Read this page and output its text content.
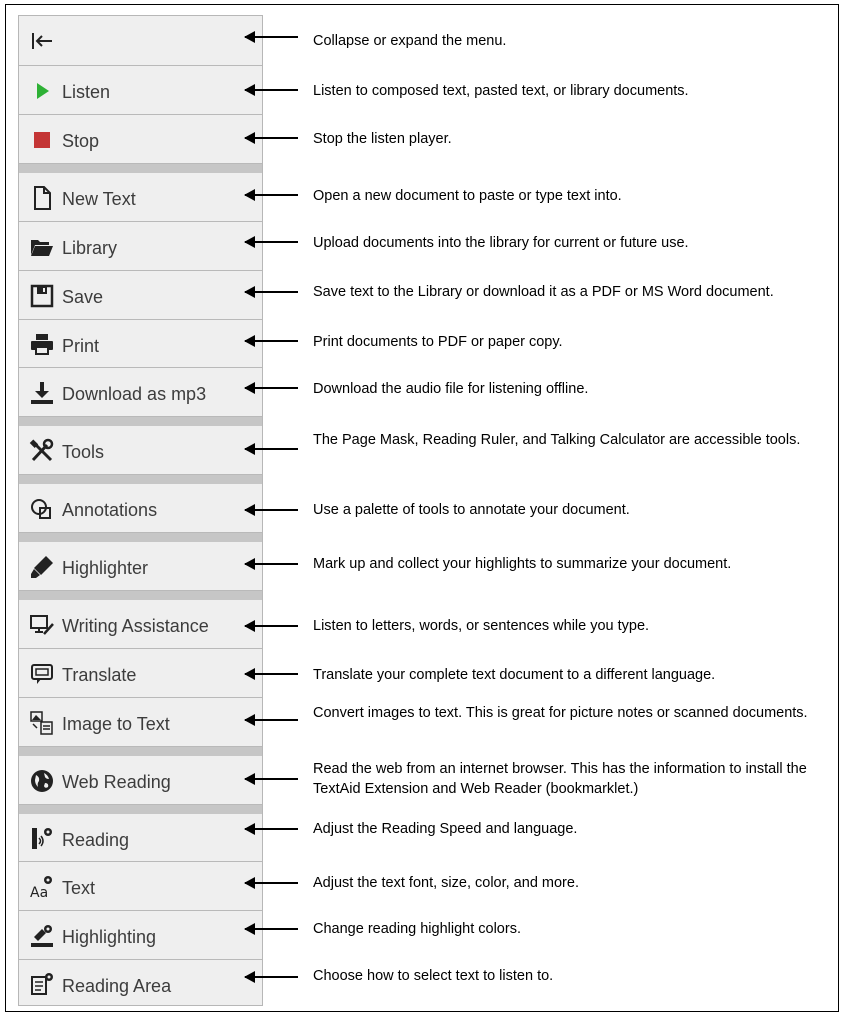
Listen
Stop
New Text
Library
Save
Print
Download as mp3
Tools
Annotations
Highlighter
Writing Assistance
Translate
Image to Text
Web Reading
Reading
Aa Text
Highlighting
Reading Area
Collapse or expand the menu.
Listen to composed text, pasted text, or library documents.
Stop the listen player.
Open a new document to paste or type text into.
Upload documents into the library for current or future use.
Save text to the Library or download it as a PDF or MS Word document.
Print documents to PDF or paper copy.
Download the audio file for listening offline.
The Page Mask, Reading Ruler, and Talking Calculator are accessible tools.
Use a palette of tools to annotate your document.
Mark up and collect your highlights to summarize your document.
Listen to letters, words, or sentences while you type.
Translate your complete text document to a different language.
Convert images to text. This is great for picture notes or scanned documents.
Read the web from an internet browser. This has the information to install the TextAid Extension and Web Reader (bookmarklet.)
Adjust the Reading Speed and language.
Adjust the text font, size, color, and more.
Change reading highlight colors.
Choose how to select text to listen to.
